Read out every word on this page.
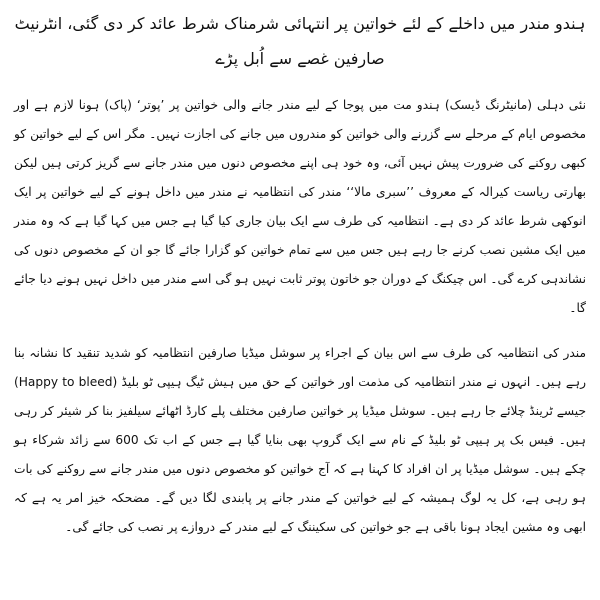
ہندو مندر میں داخلے کے لئے خواتین پر انتہائی شرمناک شرط عائد کر دی گئی، انٹرنیٹ صارفین غصے سے اُبل پڑے

نئی دہلی (مانیٹرنگ ڈیسک) ہندو مت میں پوجا کے لیے مندر جانے والی خواتین پر ’پوتر‘ (پاک) ہونا لازم ہے اور مخصوص ایام کے مرحلے سے گزرنے والی خواتین کو مندروں میں جانے کی اجازت نہیں۔ مگر اس کے لیے خواتین کو کبھی روکنے کی ضرورت پیش نہیں آئی، وہ خود ہی اپنے مخصوص دنوں میں مندر جانے سے گریز کرتی ہیں لیکن بھارتی ریاست کیرالہ کے معروف ’’سبری مالا‘‘ مندر کی انتظامیہ نے مندر میں داخل ہونے کے لیے خواتین پر ایک انوکھی شرط عائد کر دی ہے۔ انتظامیہ کی طرف سے ایک بیان جاری کیا گیا ہے جس میں کہا گیا ہے کہ وہ مندر میں ایک مشین نصب کرنے جا رہے ہیں جس میں سے تمام خواتین کو گزارا جائے گا جو ان کے مخصوص دنوں کی نشاندہی کرے گی۔ اس چیکنگ کے دوران جو خاتون پوتر ثابت نہیں ہو گی اسے مندر میں داخل نہیں ہونے دیا جائے گا۔

مندر کی انتظامیہ کی طرف سے اس بیان کے اجراء پر سوشل میڈیا صارفین انتظامیہ کو شدید تنقید کا نشانہ بنا رہے ہیں۔ انہوں نے مندر انتظامیہ کی مذمت اور خواتین کے حق میں ہیش ٹیگ ہیپی ٹو بلیڈ (Happy to bleed) جیسے ٹرینڈ چلائے جا رہے ہیں۔ سوشل میڈیا پر خواتین صارفین مختلف پلے کارڈ اٹھائے سیلفیز بنا کر شیئر کر رہی ہیں۔ فیس بک پر ہیپی ٹو بلیڈ کے نام سے ایک گروپ بھی بنایا گیا ہے جس کے اب تک 600 سے زائد شرکاء ہو چکے ہیں۔ سوشل میڈیا پر ان افراد کا کہنا ہے کہ آج خواتین کو مخصوص دنوں میں مندر جانے سے روکنے کی بات ہو رہی ہے، کل یہ لوگ ہمیشہ کے لیے خواتین کے مندر جانے پر پابندی لگا دیں گے۔ مضحکہ خیز امر یہ ہے کہ ابھی وہ مشین ایجاد ہونا باقی ہے جو خواتین کی سکیننگ کے لیے مندر کے دروازے پر نصب کی جائے گی۔
